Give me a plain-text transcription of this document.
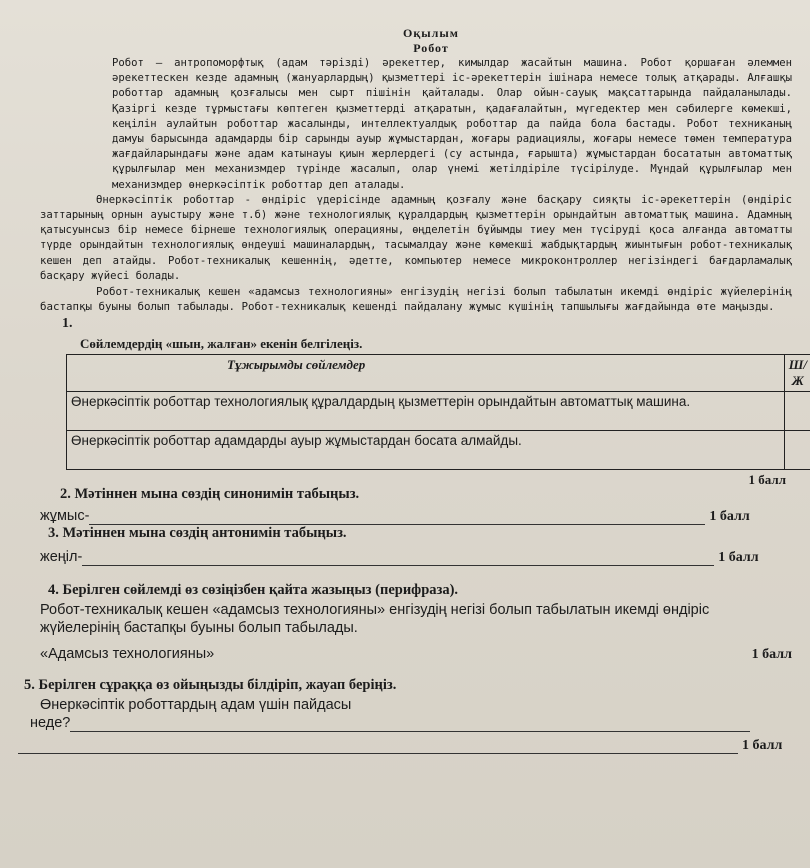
Оқылым
Робот

Робот – антропоморфтық (адам тәрізді) әрекеттер, кимылдар жасайтын машина. Робот қоршаған әлеммен әрекеттескен кезде адамның (жануарлардың) қызметтері іс-әрекеттерін ішінара немесе толық атқарады. Алғашқы роботтар адамның қозғалысы мен сырт пішінін қайталады. Олар ойын-сауық мақсаттарында пайдаланылады. Қазіргі кезде тұрмыстағы көптеген қызметтерді атқаратын, қадағалайтын, мүгедектер мен сәбилерге көмекші, кеңілін аулайтын роботтар жасалынды, интеллектуалдық роботтар да пайда бола бастады. Робот техниканың дамуы барысында адамдарды бір сарынды ауыр жұмыстардан, жоғары радиациялы, жоғары немесе төмен температура жағдайларындағы және адам катынауы қиын жерлердегі (су астында, ғарышта) жұмыстардан босататын автоматтық құрылғылар мен механизмдер түрінде жасалып, олар үнемі жетілдіріле түсірілуде. Мұндай құрылғылар мен механизмдер өнеркәсіптік роботтар деп аталады.

Өнеркәсіптік роботтар - өндіріс үдерісінде адамның қозғалу және басқару сияқты іс-әрекеттерін (өндіріс заттарының орнын ауыстыру және т.б) және технологиялық құралдардың қызметтерін орындайтын автоматтық машина. Адамның қатысуынсыз бір немесе бірнеше технологиялық операцияны, өңделетін бұйымды тиеу мен түсіруді қоса алғанда автоматты түрде орындайтын технологиялық өндеуші машиналардың, тасымалдау және көмекші жабдықтардың жиынтығын робот-техникалық кешен деп атайды. Робот-техникалық кешеннің, әдетте, компьютер немесе микроконтроллер негізіндегі бағдарламалық басқару жүйесі болады.

Робот-техникалық кешен «адамсыз технологияны» енгізудің негізі болып табылатын икемді өндіріс жүйелерінің бастапқы буыны болып табылады. Робот-техникалық кешенді пайдалану жұмыс күшінің тапшылығы жағдайында өте маңызды.

1.
Сөйлемдердің «шын, жалған» екенін белгілеңіз.
Тұжырымды сөйлемдер	Ш/Ж
Өнеркәсіптік роботтар технологиялық құралдардың қызметтерін орындайтын автоматтық машина.	
Өнеркәсіптік роботтар адамдарды ауыр жұмыстардан боcата алмайды.	
1 балл
2. Мәтіннен мына сөздің синонимін табыңыз.
жұмыс-	1 балл
3. Мәтіннен мына сөздің антонимін табыңыз.
жеңіл-	1 балл
4. Берілген сөйлемді өз сөзіңізбен қайта жазыңыз (перифраза).
Робот-техникалық кешен «адамсыз технологияны» енгізудің негізі болып табылатын икемді өндіріс жүйелерінің бастапқы буыны болып табылады.
«Адамсыз технологияны»	1 балл
5. Берілген сұраққа өз ойыңызды білдіріп, жауап беріңіз.
Өнеркәсіптік роботтардың адам үшін пайдасы
неде?
1 балл
